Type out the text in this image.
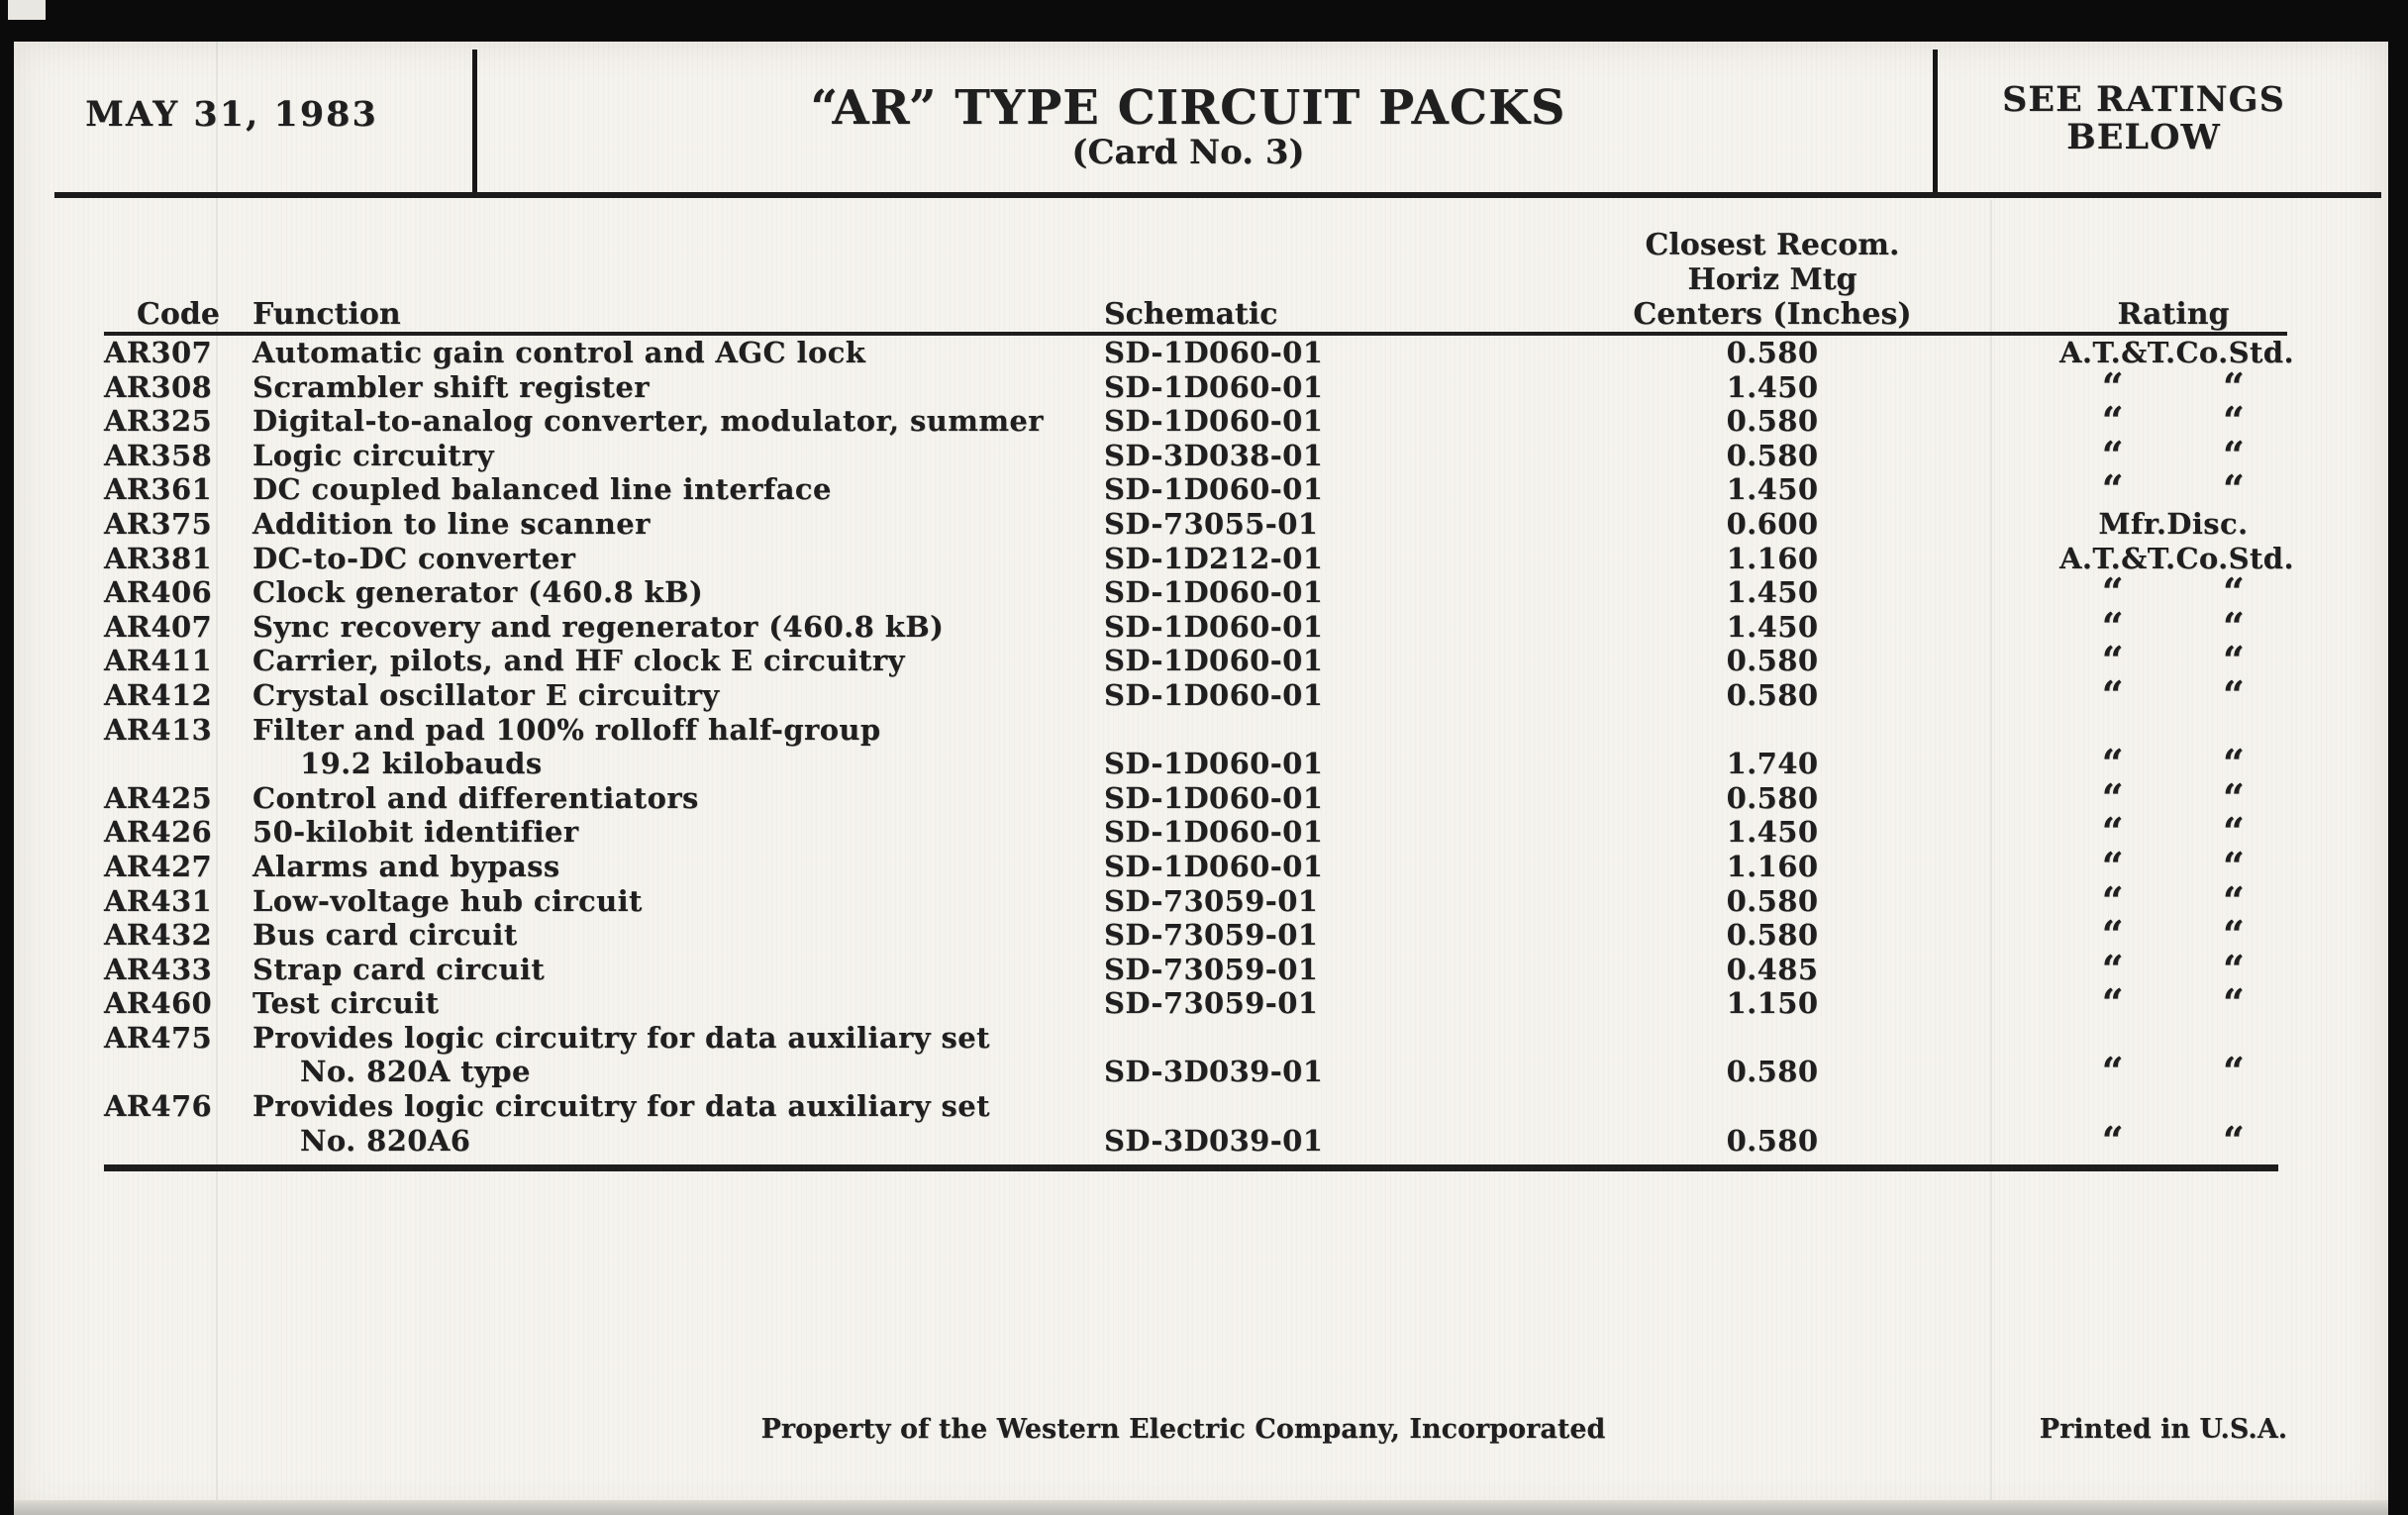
MAY 31, 1983	“AR” TYPE CIRCUIT PACKS
(Card No. 3)
SEE RATINGS
BELOW
Code	Function	Schematic	Closest Recom.
Horiz Mtg
Centers (Inches)	Rating
AR307	Automatic gain control and AGC lock	SD-1D060-01	0.580	A.T.&T.Co.Std.
AR308	Scrambler shift register	SD-1D060-01	1.450	“ “

AR325	Digital-to-analog converter, modulator, summer	SD-1D060-01	0.580	“ “

AR358	Logic circuitry	SD-3D038-01	0.580	“ “

AR361	DC coupled balanced line interface	SD-1D060-01	1.450	“ “

AR375	Addition to line scanner	SD-73055-01	0.600	Mfr.Disc.
AR381	DC-to-DC converter	SD-1D212-01	1.160	A.T.&T.Co.Std.
AR406	Clock generator (460.8 kB)	SD-1D060-01	1.450	“ “

AR407	Sync recovery and regenerator (460.8 kB)	SD-1D060-01	1.450	“ “

AR411	Carrier, pilots, and HF clock E circuitry	SD-1D060-01	0.580	“ “

AR412	Crystal oscillator E circuitry	SD-1D060-01	0.580	“ “

AR413	Filter and pad 100% rolloff half-group
19.2 kilobauds	SD-1D060-01	1.740	“	“

AR425	Control and differentiators	SD-1D060-01	0.580	“ “

AR426	50-kilobit identifier	SD-1D060-01	1.450	“ “

AR427	Alarms and bypass	SD-1D060-01	1.160	“ “

AR431	Low-voltage hub circuit	SD-73059-01	0.580	“ “

AR432	Bus card circuit	SD-73059-01	0.580	“ “

AR433	Strap card circuit	SD-73059-01	0.485	“ “

AR460	Test circuit	SD-73059-01	1.150	“ “

AR475	Provides logic circuitry for data auxiliary set
No. 820A type	SD-3D039-01	0.580	“	“

AR476	Provides logic circuitry for data auxiliary set
No. 820A6	SD-3D039-01	0.580	“	“
Property of the Western Electric Company, Incorporated	Printed in U.S.A.
